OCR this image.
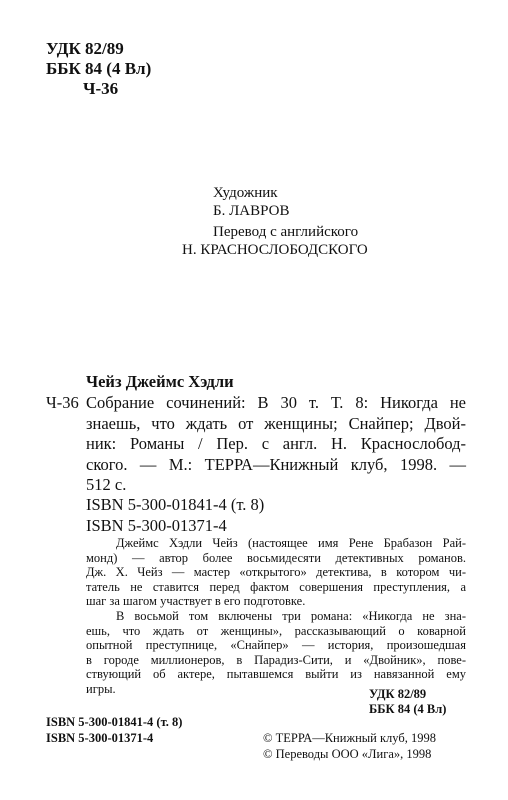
УДК 82/89
ББК 84 (4 Вл)
Ч-36
Художник
Б. ЛАВРОВ
Перевод с английского
Н. КРАСНОСЛОБОДСКОГО
Чейз Джеймс Хэдли
Ч-36 Собрание сочинений: В 30 т. Т. 8: Никогда не
знаешь, что ждать от женщины; Снайпер; Двой-
ник: Романы / Пер. с англ. Н. Краснослобод-
ского. — М.: ТЕРРА—Книжный клуб, 1998. —
512 с.
ISBN 5-300-01841-4 (т. 8)
ISBN 5-300-01371-4
Джеймс Хэдли Чейз (настоящее имя Рене Брабазон Рай-
монд) — автор более восьмидесяти детективных романов.
Дж. Х. Чейз — мастер «открытого» детектива, в котором чи-
татель не ставится перед фактом совершения преступления, а
шаг за шагом участвует в его подготовке.
В восьмой том включены три романа: «Никогда не зна-
ешь, что ждать от женщины», рассказывающий о коварной
опытной преступнице, «Снайпер» — история, произошедшая
в городе миллионеров, в Парадиз-Сити, и «Двойник», пове-
ствующий об актере, пытавшемся выйти из навязанной ему
игры.	УДК 82/89
ББК 84 (4 Вл)
ISBN 5-300-01841-4 (т. 8)
ISBN 5-300-01371-4	© ТЕРРА—Книжный клуб, 1998
© Переводы ООО «Лига», 1998
